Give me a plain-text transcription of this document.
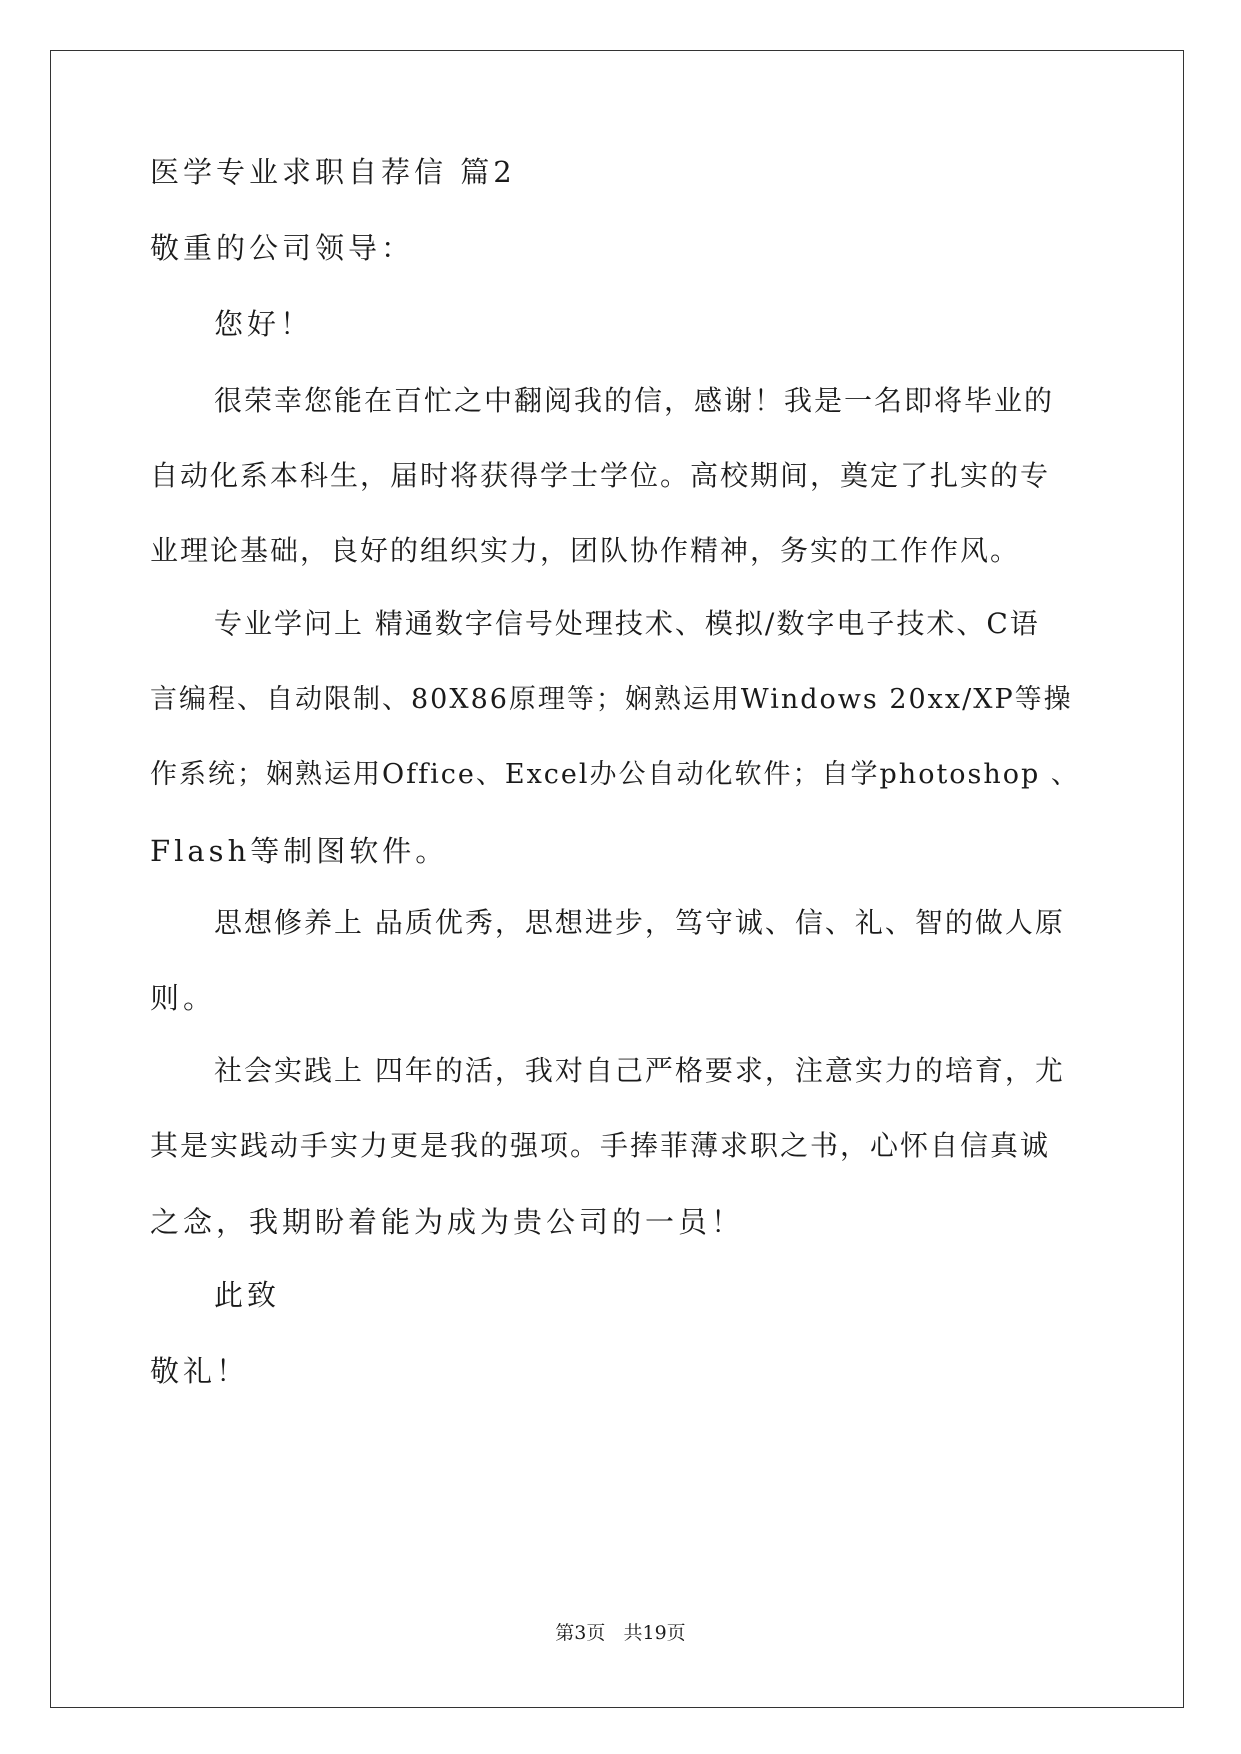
医学专业求职自荐信 篇2
敬重的公司领导：
您好！
很荣幸您能在百忙之中翻阅我的信，感谢！我是一名即将毕业的
自动化系本科生，届时将获得学士学位。高校期间，奠定了扎实的专
业理论基础，良好的组织实力，团队协作精神，务实的工作作风。
专业学问上 精通数字信号处理技术、模拟/数字电子技术、C语
言编程、自动限制、80X86原理等；娴熟运用Windows 20xx/XP等操
作系统；娴熟运用Office、Excel办公自动化软件；自学photoshop 、
Flash等制图软件。
思想修养上 品质优秀，思想进步，笃守诚、信、礼、智的做人原
则。
社会实践上 四年的活，我对自己严格要求，注意实力的培育，尤
其是实践动手实力更是我的强项。手捧菲薄求职之书，心怀自信真诚
之念，我期盼着能为成为贵公司的一员！
此致
敬礼！
第3页   共19页
